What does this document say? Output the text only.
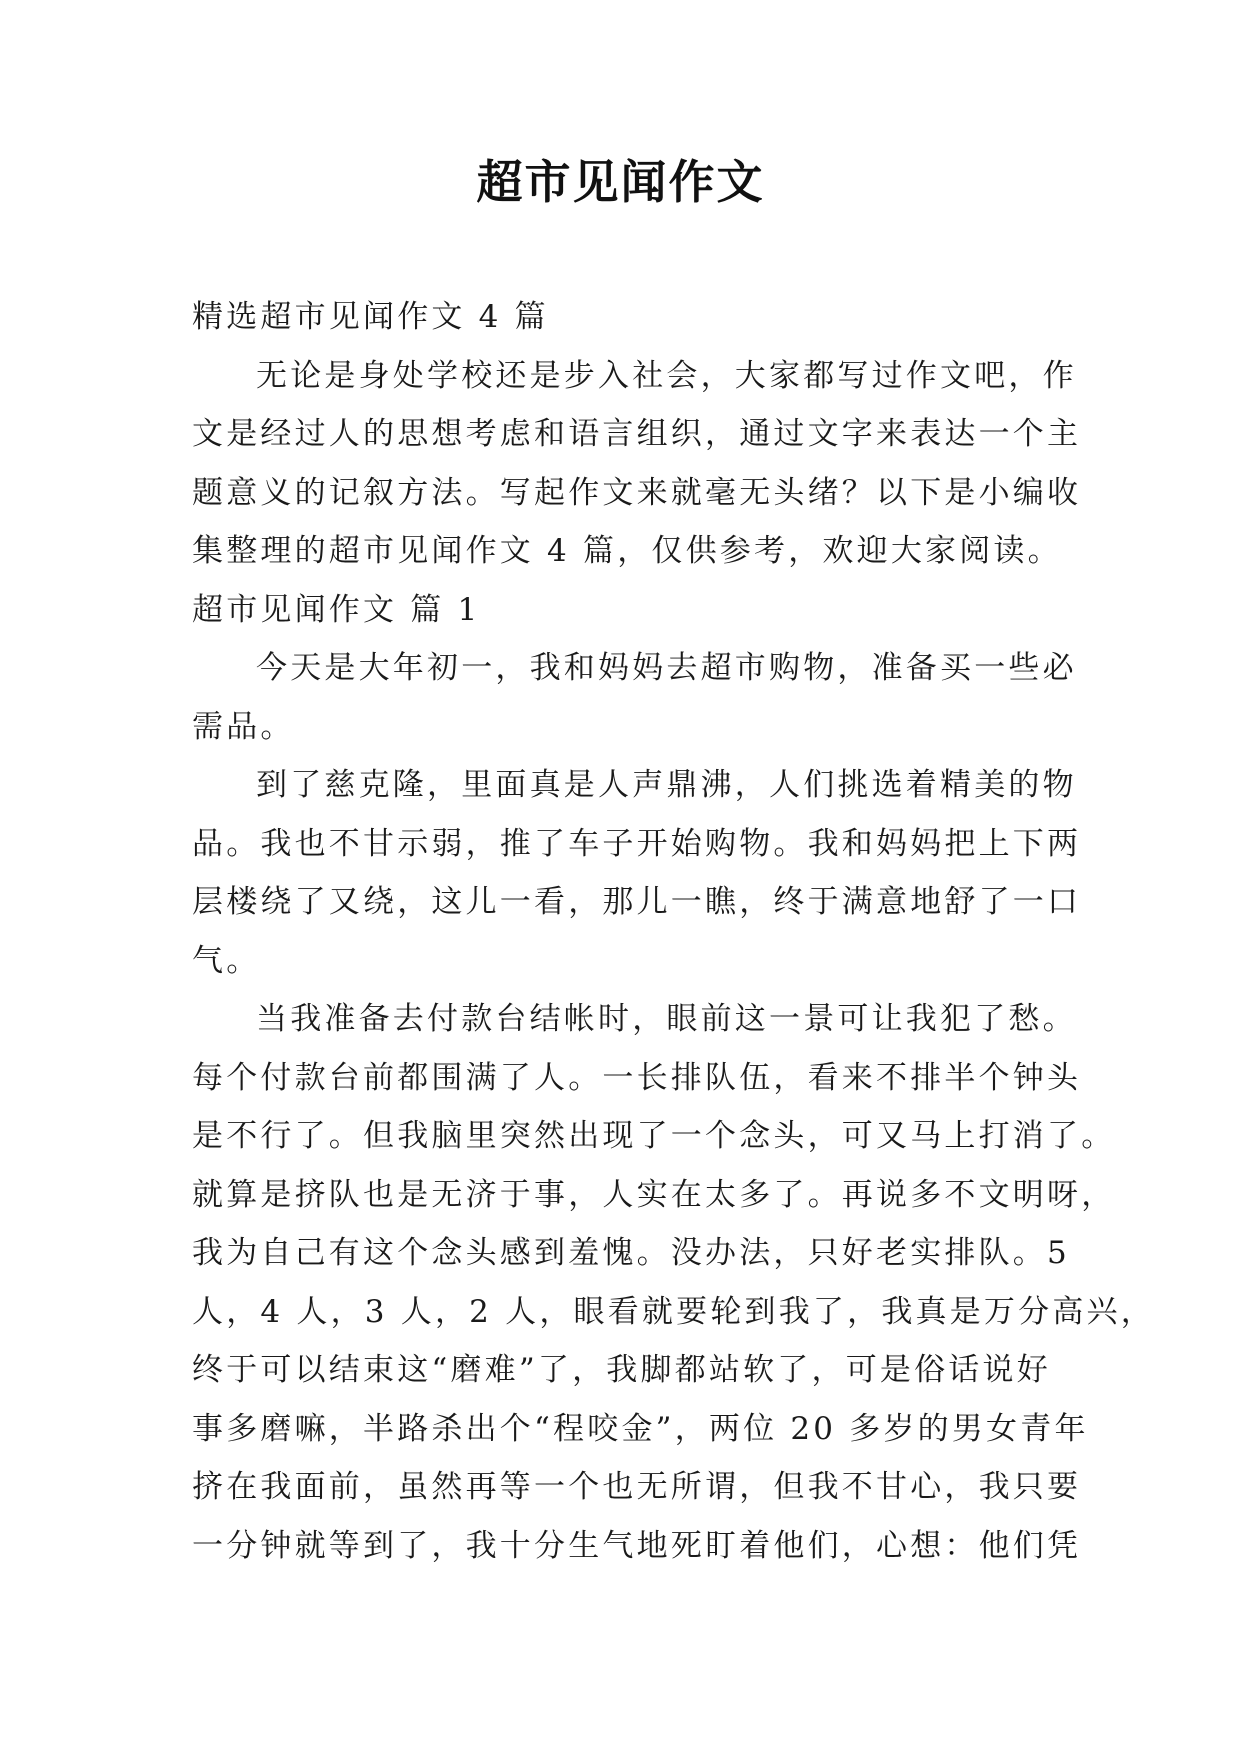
超市见闻作文

精选超市见闻作文 4 篇

无论是身处学校还是步入社会，大家都写过作文吧，作

文是经过人的思想考虑和语言组织，通过文字来表达一个主

题意义的记叙方法。写起作文来就毫无头绪？以下是小编收

集整理的超市见闻作文 4 篇，仅供参考，欢迎大家阅读。

超市见闻作文 篇 1

今天是大年初一，我和妈妈去超市购物，准备买一些必

需品。

到了慈克隆，里面真是人声鼎沸，人们挑选着精美的物

品。我也不甘示弱，推了车子开始购物。我和妈妈把上下两

层楼绕了又绕，这儿一看，那儿一瞧，终于满意地舒了一口

气。

当我准备去付款台结帐时，眼前这一景可让我犯了愁。

每个付款台前都围满了人。一长排队伍，看来不排半个钟头

是不行了。但我脑里突然出现了一个念头，可又马上打消了。

就算是挤队也是无济于事，人实在太多了。再说多不文明呀，

我为自己有这个念头感到羞愧。没办法，只好老实排队。5

人，4 人，3 人，2 人，眼看就要轮到我了，我真是万分高兴，

终于可以结束这“磨难”了，我脚都站软了，可是俗话说好

事多磨嘛，半路杀出个“程咬金”，两位 20 多岁的男女青年

挤在我面前，虽然再等一个也无所谓，但我不甘心，我只要

一分钟就等到了，我十分生气地死盯着他们，心想：他们凭
